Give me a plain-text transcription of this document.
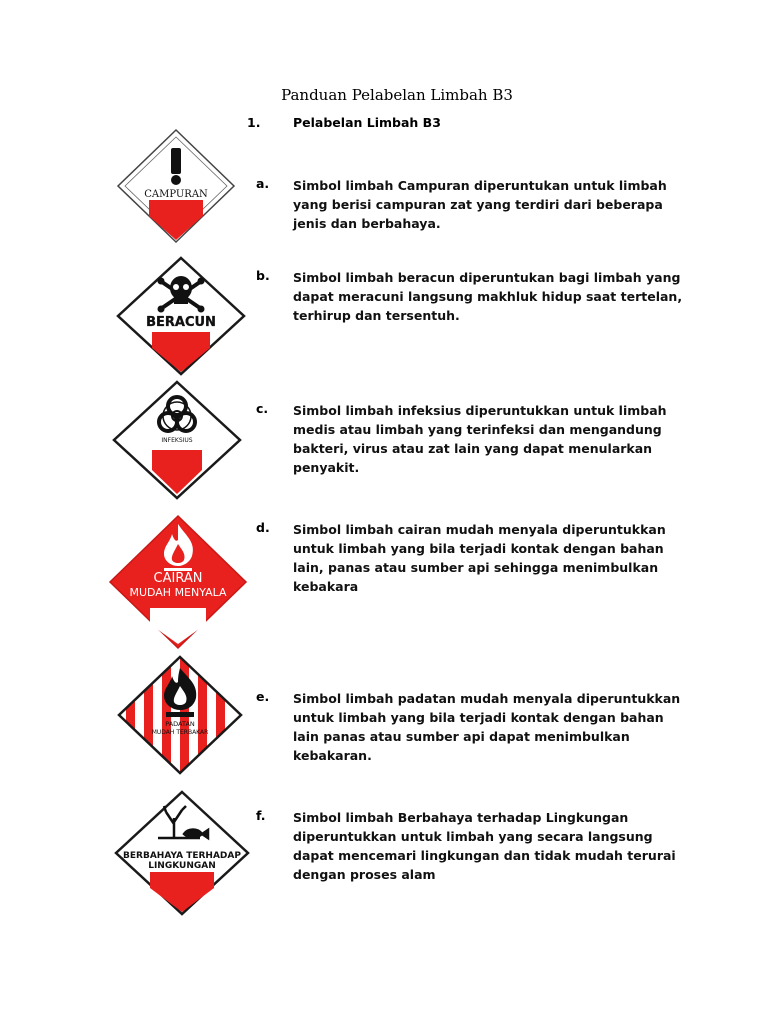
Panduan Pelabelan Limbah B3
1.	Pelabelan Limbah B3
CAMPURAN
a. Simbol limbah Campuran diperuntukan untuk limbah yang berisi campuran zat yang terdiri dari beberapa jenis dan berbahaya.
BERACUN
b. Simbol limbah beracun diperuntukan bagi limbah yang dapat meracuni langsung makhluk hidup saat tertelan, terhirup dan tersentuh.
INFEKSIUS
c. Simbol limbah infeksius diperuntukkan untuk limbah medis atau limbah yang terinfeksi dan mengandung bakteri, virus atau zat lain yang dapat menularkan penyakit.
CAIRAN
MUDAH MENYALA
d. Simbol limbah cairan mudah menyala diperuntukkan untuk limbah yang bila terjadi kontak dengan bahan lain, panas atau sumber api sehingga menimbulkan kebakara
PADATAN
MUDAH TERBAKAR
e. Simbol limbah padatan mudah menyala diperuntukkan untuk limbah yang bila terjadi kontak dengan bahan lain panas atau sumber api dapat menimbulkan kebakaran.
BERBAHAYA TERHADAP
LINGKUNGAN
f. Simbol limbah Berbahaya terhadap Lingkungan diperuntukkan untuk limbah yang secara langsung dapat mencemari lingkungan dan tidak mudah terurai dengan proses alam
